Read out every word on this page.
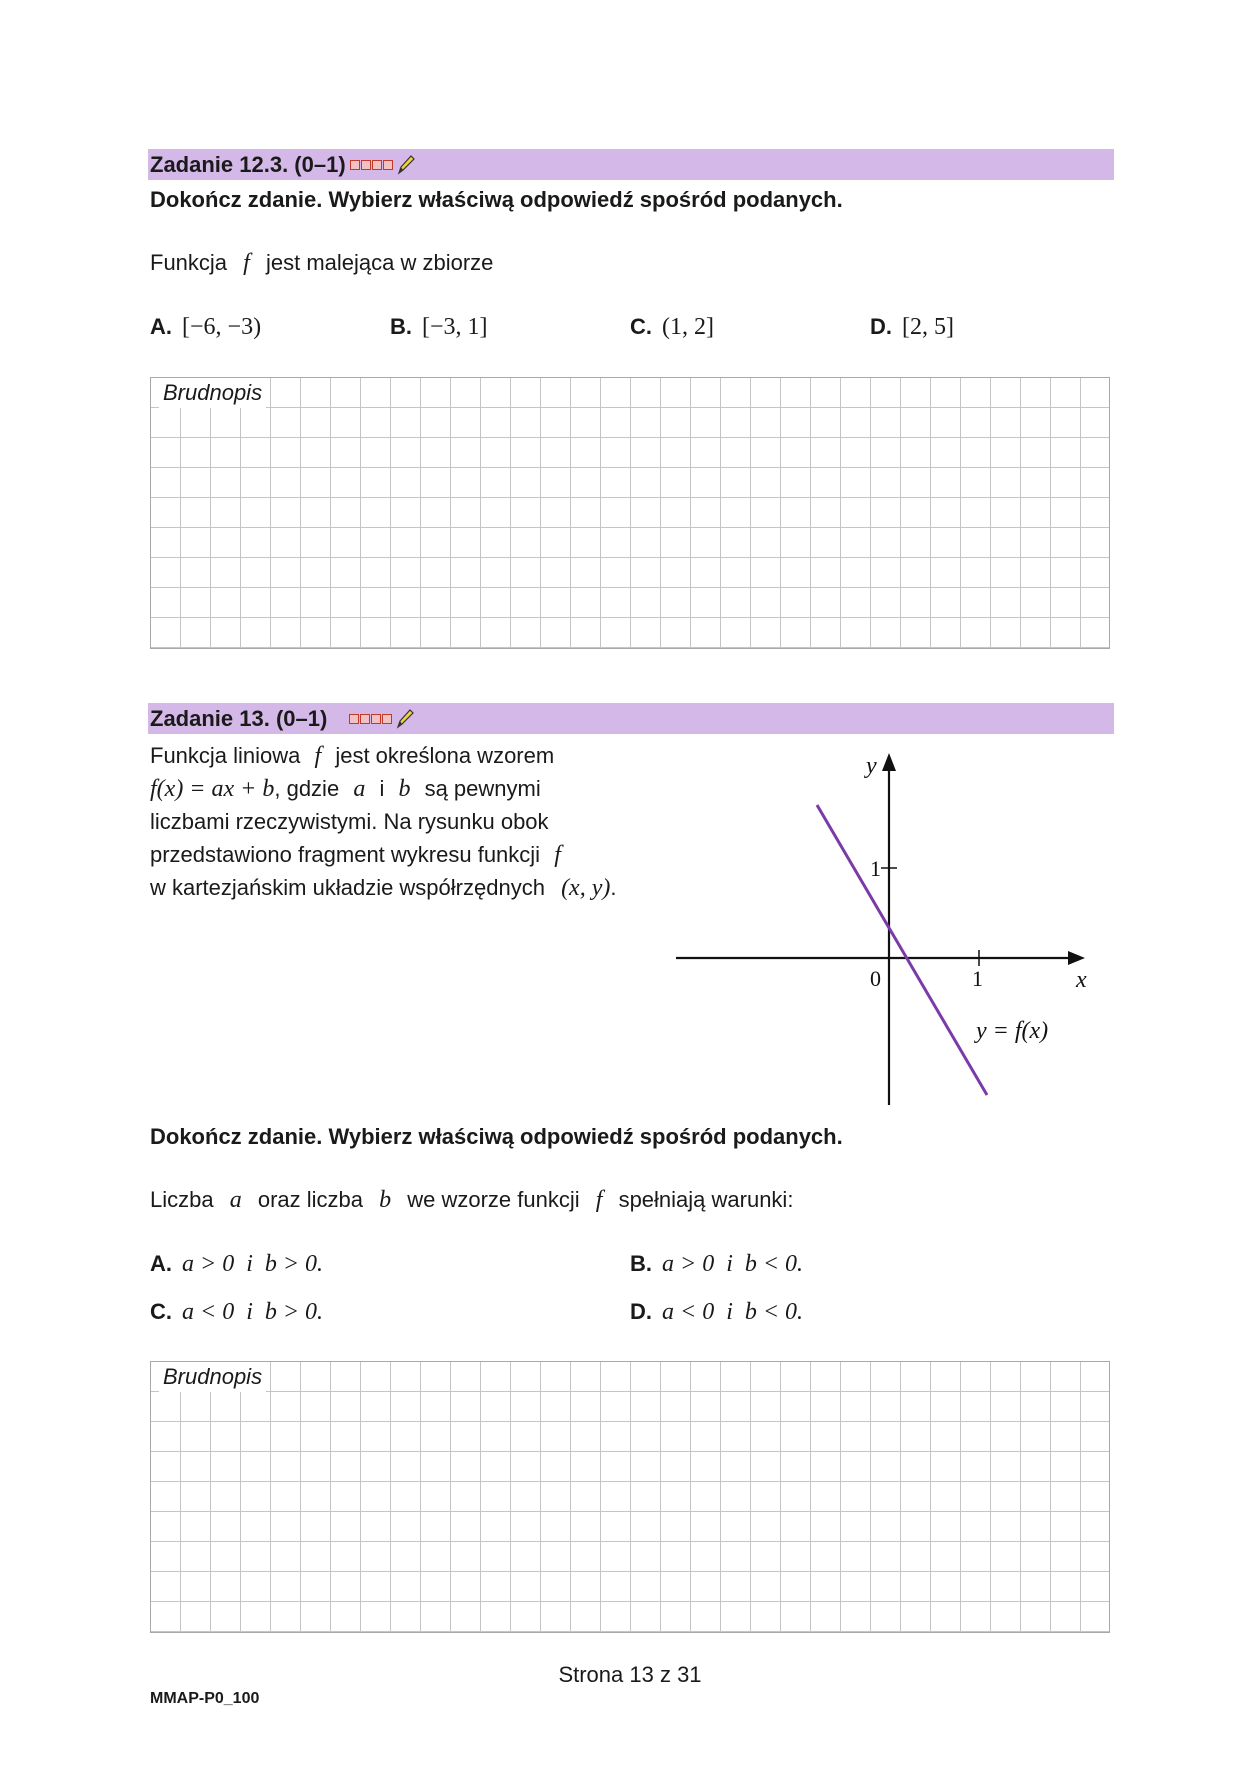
Zadanie 12.3. (0–1)
Dokończ zdanie. Wybierz właściwą odpowiedź spośród podanych.
Funkcja f jest malejąca w zbiorze
A. [−6, −3)	B. [−3, 1]	C. (1, 2]	D. [2, 5]
Brudnopis
Zadanie 13. (0–1)
Funkcja liniowa f jest określona wzorem
f(x) = ax + b, gdzie a i b są pewnymi
liczbami rzeczywistymi. Na rysunku obok
przedstawiono fragment wykresu funkcji f
w kartezjańskim układzie współrzędnych (x, y).
y
x
1
1
0
y = f(x)
Dokończ zdanie. Wybierz właściwą odpowiedź spośród podanych.
Liczba a oraz liczba b we wzorze funkcji f spełniają warunki:
A. a > 0  i  b > 0.	B. a > 0  i  b < 0.
C. a < 0  i  b > 0.	D. a < 0  i  b < 0.
Brudnopis
Strona 13 z 31
MMAP-P0_100
